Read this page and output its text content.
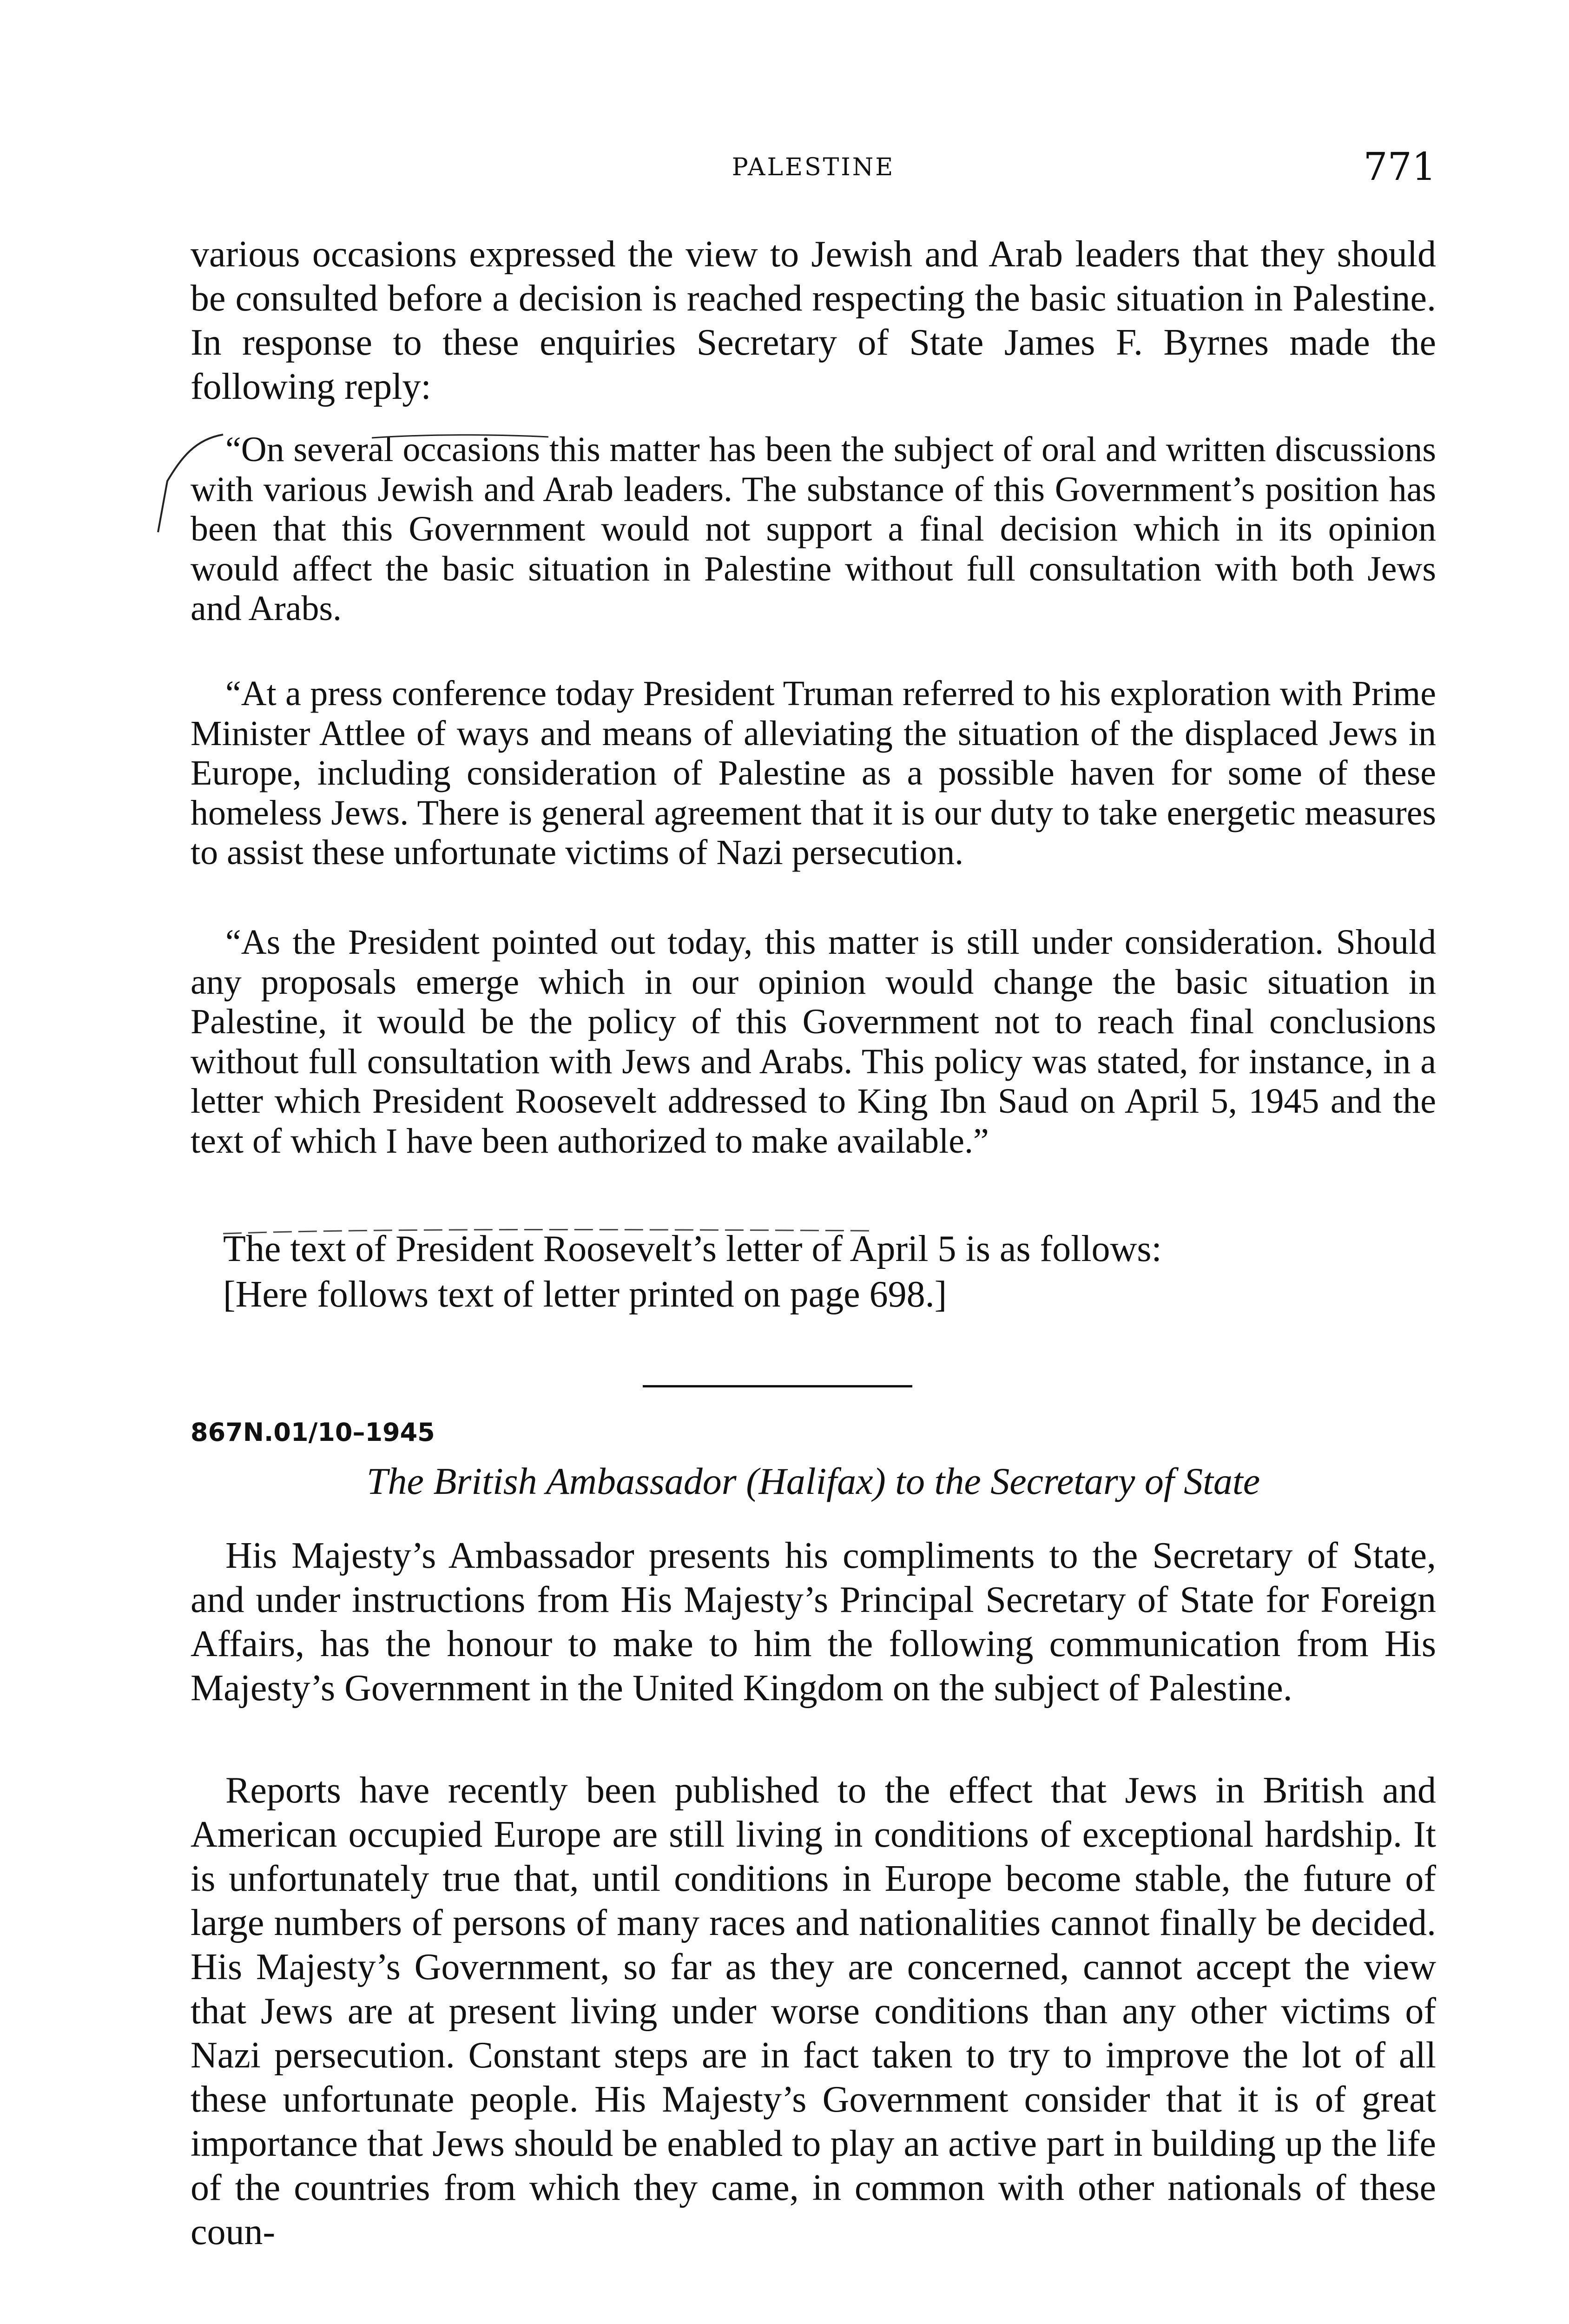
PALESTINE	771

various occasions expressed the view to Jewish and Arab leaders that they should be consulted before a decision is reached respecting the basic situation in Palestine. In response to these enquiries Secretary of State James F. Byrnes made the following reply:

“On several occasions this matter has been the subject of oral and written discussions with various Jewish and Arab leaders. The substance of this Government’s position has been that this Government would not support a final decision which in its opinion would affect the basic situation in Palestine without full consultation with both Jews and Arabs.

“At a press conference today President Truman referred to his exploration with Prime Minister Attlee of ways and means of alleviating the situation of the displaced Jews in Europe, including consideration of Palestine as a possible haven for some of these homeless Jews. There is general agreement that it is our duty to take energetic measures to assist these unfortunate victims of Nazi persecution.

“As the President pointed out today, this matter is still under consideration. Should any proposals emerge which in our opinion would change the basic situation in Palestine, it would be the policy of this Government not to reach final conclusions without full consultation with Jews and Arabs. This policy was stated, for instance, in a letter which President Roosevelt addressed to King Ibn Saud on April 5, 1945 and the text of which I have been authorized to make available.”

The text of President Roosevelt’s letter of April 5 is as follows:

[Here follows text of letter printed on page 698.]

867N.01/10–1945

The British Ambassador (Halifax) to the Secretary of State

His Majesty’s Ambassador presents his compliments to the Secretary of State, and under instructions from His Majesty’s Principal Secretary of State for Foreign Affairs, has the honour to make to him the following communication from His Majesty’s Government in the United Kingdom on the subject of Palestine.

Reports have recently been published to the effect that Jews in British and American occupied Europe are still living in conditions of exceptional hardship. It is unfortunately true that, until conditions in Europe become stable, the future of large numbers of persons of many races and nationalities cannot finally be decided. His Majesty’s Government, so far as they are concerned, cannot accept the view that Jews are at present living under worse conditions than any other victims of Nazi persecution. Constant steps are in fact taken to try to improve the lot of all these unfortunate people. His Majesty’s Government consider that it is of great importance that Jews should be enabled to play an active part in building up the life of the countries from which they came, in common with other nationals of these coun-
